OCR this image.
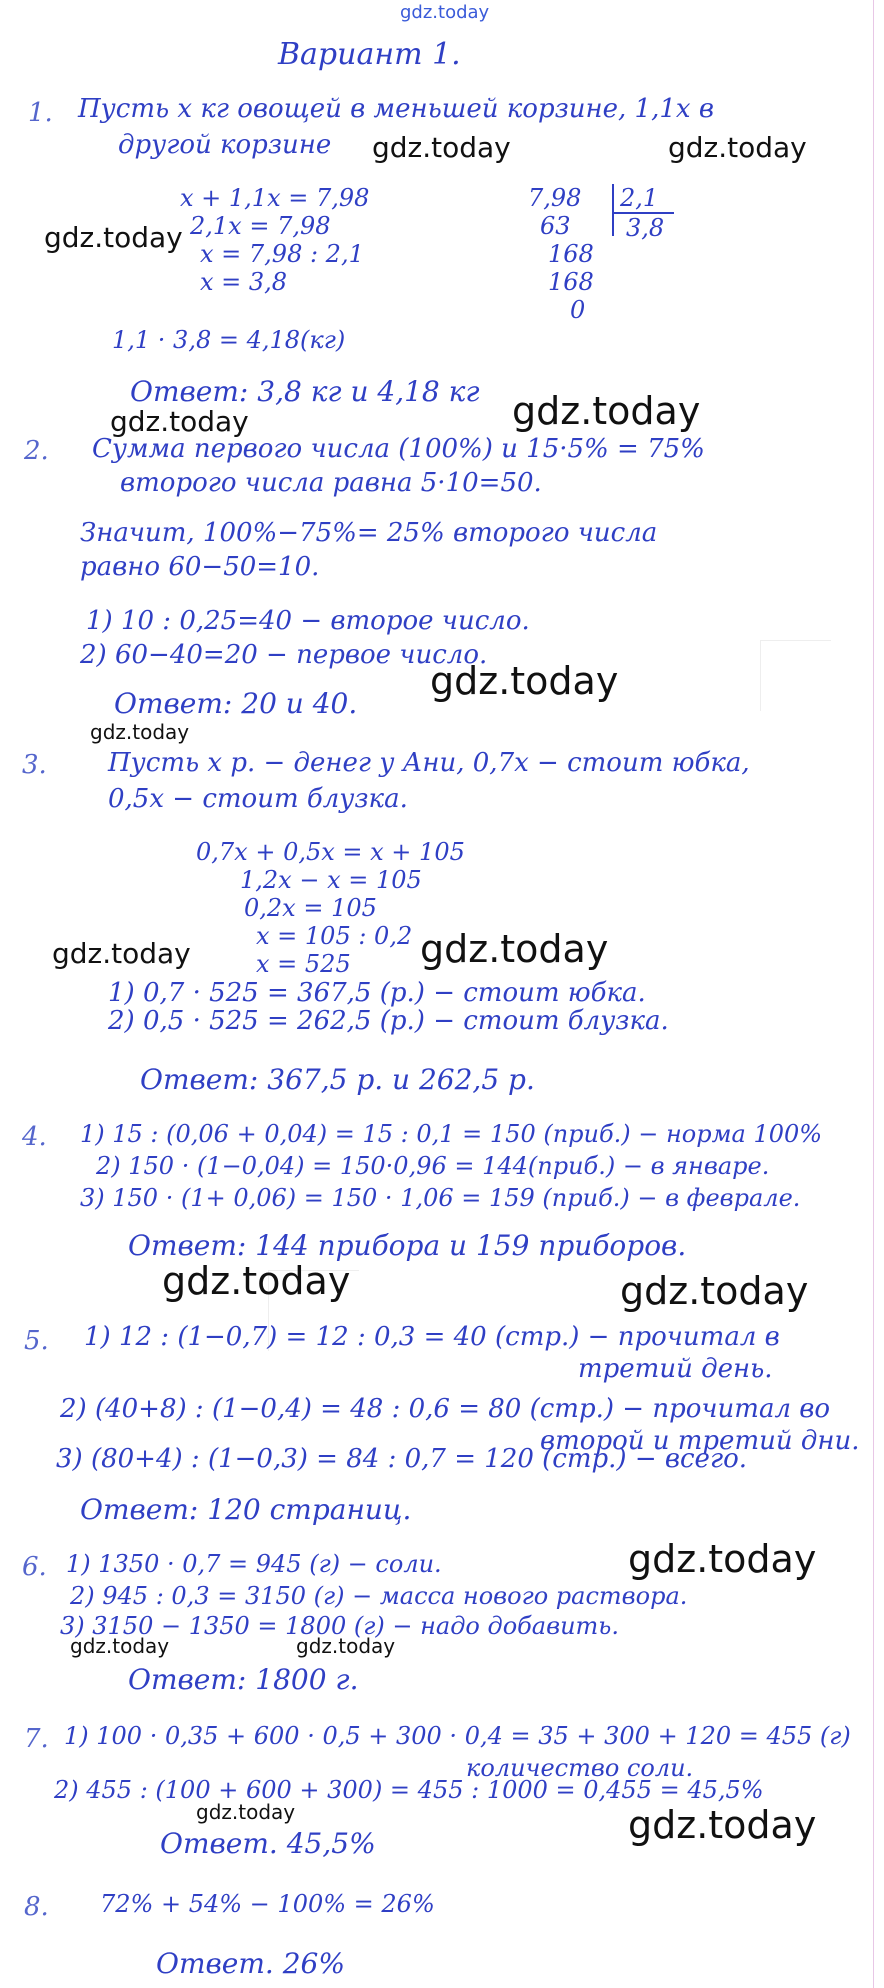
gdz.today
Вариант 1.
1. Пусть x кг овощей в меньшей корзине, 1,1x в
другой корзине
x + 1,1x = 7,98
2,1x = 7,98
x = 7,98 : 2,1
x = 3,8
7,98 2,1
3,8
63
168
168
0
1,1 · 3,8 = 4,18(кг)
Ответ: 3,8 кг и 4,18 кг
2. Сумма первого числа (100%) и 15·5% = 75%
второго числа равна 5·10=50.
Значит, 100%−75%= 25% второго числа
равно 60−50=10.
1) 10 : 0,25=40 − второе число.
2) 60−40=20 − первое число.
Ответ: 20 и 40.
3. Пусть x р. − денег у Ани, 0,7x − стоит юбка,
0,5x − стоит блузка.
0,7x + 0,5x = x + 105
1,2x − x = 105
0,2x = 105
x = 105 : 0,2
x = 525
1) 0,7 · 525 = 367,5 (р.) − стоит юбка.
2) 0,5 · 525 = 262,5 (р.) − стоит блузка.
Ответ: 367,5 р. и 262,5 р.
4. 1) 15 : (0,06 + 0,04) = 15 : 0,1 = 150 (приб.) − норма 100%
2) 150 · (1−0,04) = 150·0,96 = 144(приб.) − в январе.
3) 150 · (1+ 0,06) = 150 · 1,06 = 159 (приб.) − в феврале.
Ответ: 144 прибора и 159 приборов.
5. 1) 12 : (1−0,7) = 12 : 0,3 = 40 (стр.) − прочитал в
третий день.
2) (40+8) : (1−0,4) = 48 : 0,6 = 80 (стр.) − прочитал во
второй и третий дни.
3) (80+4) : (1−0,3) = 84 : 0,7 = 120 (стр.) − всего.
Ответ: 120 страниц.
6. 1) 1350 · 0,7 = 945 (г) − соли.
2) 945 : 0,3 = 3150 (г) − масса нового раствора.
3) 3150 − 1350 = 1800 (г) − надо добавить.
Ответ: 1800 г.
7. 1) 100 · 0,35 + 600 · 0,5 + 300 · 0,4 = 35 + 300 + 120 = 455 (г)
количество соли.
2) 455 : (100 + 600 + 300) = 455 : 1000 = 0,455 = 45,5%
Ответ. 45,5%
8. 72% + 54% − 100% = 26%
Ответ. 26%
gdz.today	gdz.today
gdz.today
gdz.today
gdz.today
gdz.today
gdz.today
gdz.today	gdz.today
gdz.today	gdz.today
gdz.today
gdz.today	gdz.today
gdz.today	gdz.today
